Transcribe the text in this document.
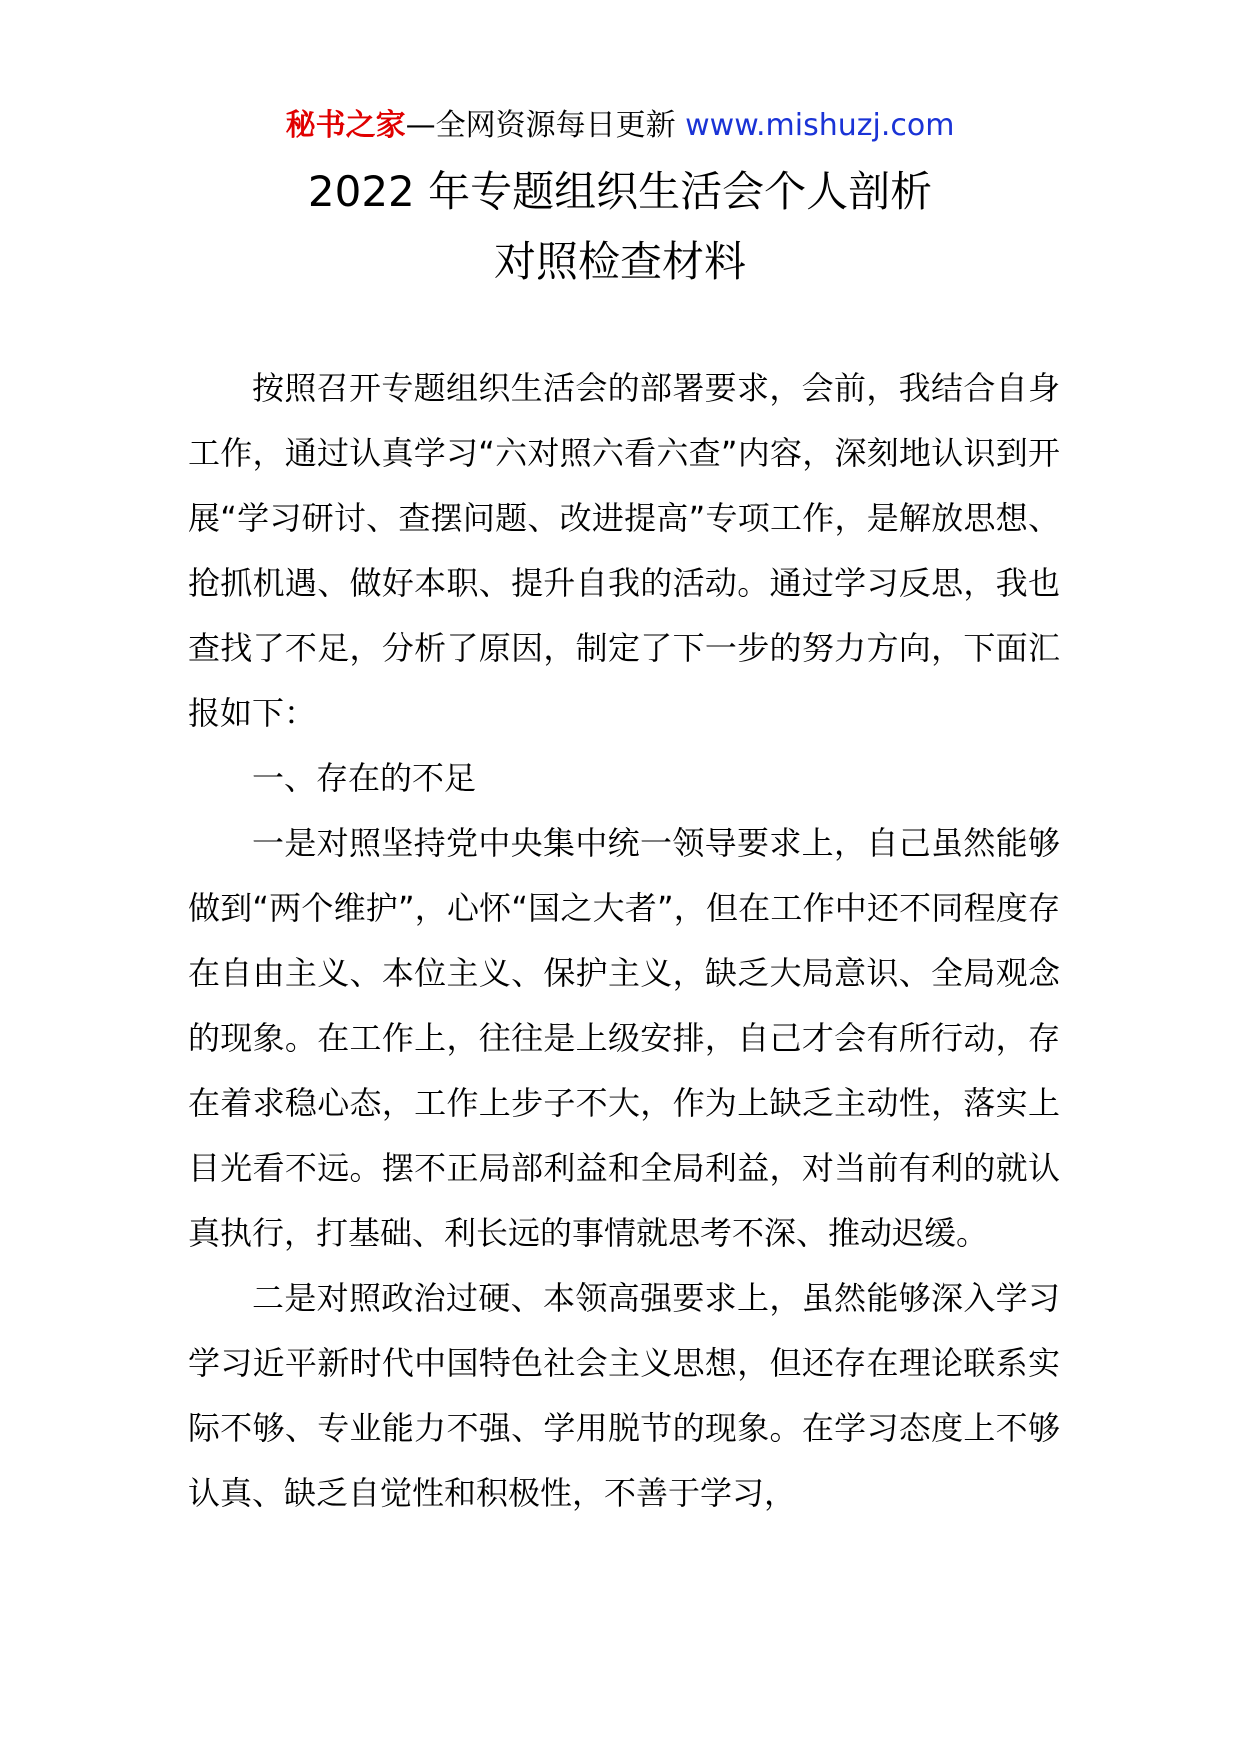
秘书之家—全网资源每日更新 www.mishuzj.com
2022 年专题组织生活会个人剖析
对照检查材料

按照召开专题组织生活会的部署要求，会前，我结合自身工作，通过认真学习“六对照六看六查”内容，深刻地认识到开展“学习研讨、查摆问题、改进提高”专项工作，是解放思想、抢抓机遇、做好本职、提升自我的活动。通过学习反思，我也查找了不足，分析了原因，制定了下一步的努力方向，下面汇报如下：

一、存在的不足

一是对照坚持党中央集中统一领导要求上，自己虽然能够做到“两个维护”，心怀“国之大者”，但在工作中还不同程度存在自由主义、本位主义、保护主义，缺乏大局意识、全局观念的现象。在工作上，往往是上级安排，自己才会有所行动，存在着求稳心态，工作上步子不大，作为上缺乏主动性，落实上目光看不远。摆不正局部利益和全局利益，对当前有利的就认真执行，打基础、利长远的事情就思考不深、推动迟缓。

二是对照政治过硬、本领高强要求上，虽然能够深入学习学习近平新时代中国特色社会主义思想，但还存在理论联系实际不够、专业能力不强、学用脱节的现象。在学习态度上不够认真、缺乏自觉性和积极性，不善于学习，
